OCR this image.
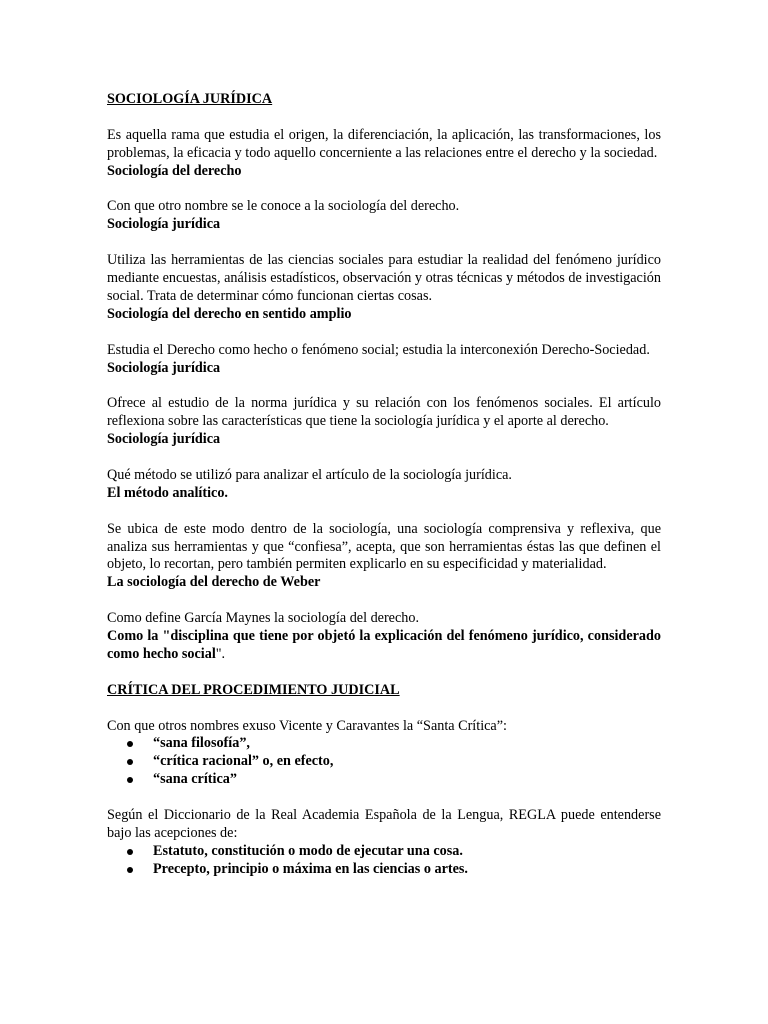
SOCIOLOGÍA JURÍDICA

Es aquella rama que estudia el origen, la diferenciación, la aplicación, las transformaciones, los problemas, la eficacia y todo aquello concerniente a las relaciones entre el derecho y la sociedad.

Sociología del derecho

Con que otro nombre se le conoce a la sociología del derecho.

Sociología jurídica

Utiliza las herramientas de las ciencias sociales para estudiar la realidad del fenómeno jurídico mediante encuestas, análisis estadísticos, observación y otras técnicas y métodos de investigación social. Trata de determinar cómo funcionan ciertas cosas.

Sociología del derecho en sentido amplio

Estudia el Derecho como hecho o fenómeno social; estudia la interconexión Derecho-Sociedad.

Sociología jurídica

Ofrece al estudio de la norma jurídica y su relación con los fenómenos sociales. El artículo reflexiona sobre las características que tiene la sociología jurídica y el aporte al derecho.

Sociología jurídica

Qué método se utilizó para analizar el artículo de la sociología jurídica.

El método analítico.

Se ubica de este modo dentro de la sociología, una sociología comprensiva y reflexiva, que analiza sus herramientas y que “confiesa”, acepta, que son herramientas éstas las que definen el objeto, lo recortan, pero también permiten explicarlo en su especificidad y materialidad.

La sociología del derecho de Weber

Como define García Maynes la sociología del derecho.

Como la "disciplina que tiene por objetó la explicación del fenómeno jurídico, considerado como hecho social".

CRÍTICA DEL PROCEDIMIENTO JUDICIAL

Con que otros nombres exuso Vicente y Caravantes la “Santa Crítica”:

“sana filosofía”,
“crítica racional” o, en efecto,
“sana crítica”

Según el Diccionario de la Real Academia Española de la Lengua, REGLA puede entenderse bajo las acepciones de:

Estatuto, constitución o modo de ejecutar una cosa.
Precepto, principio o máxima en las ciencias o artes.
